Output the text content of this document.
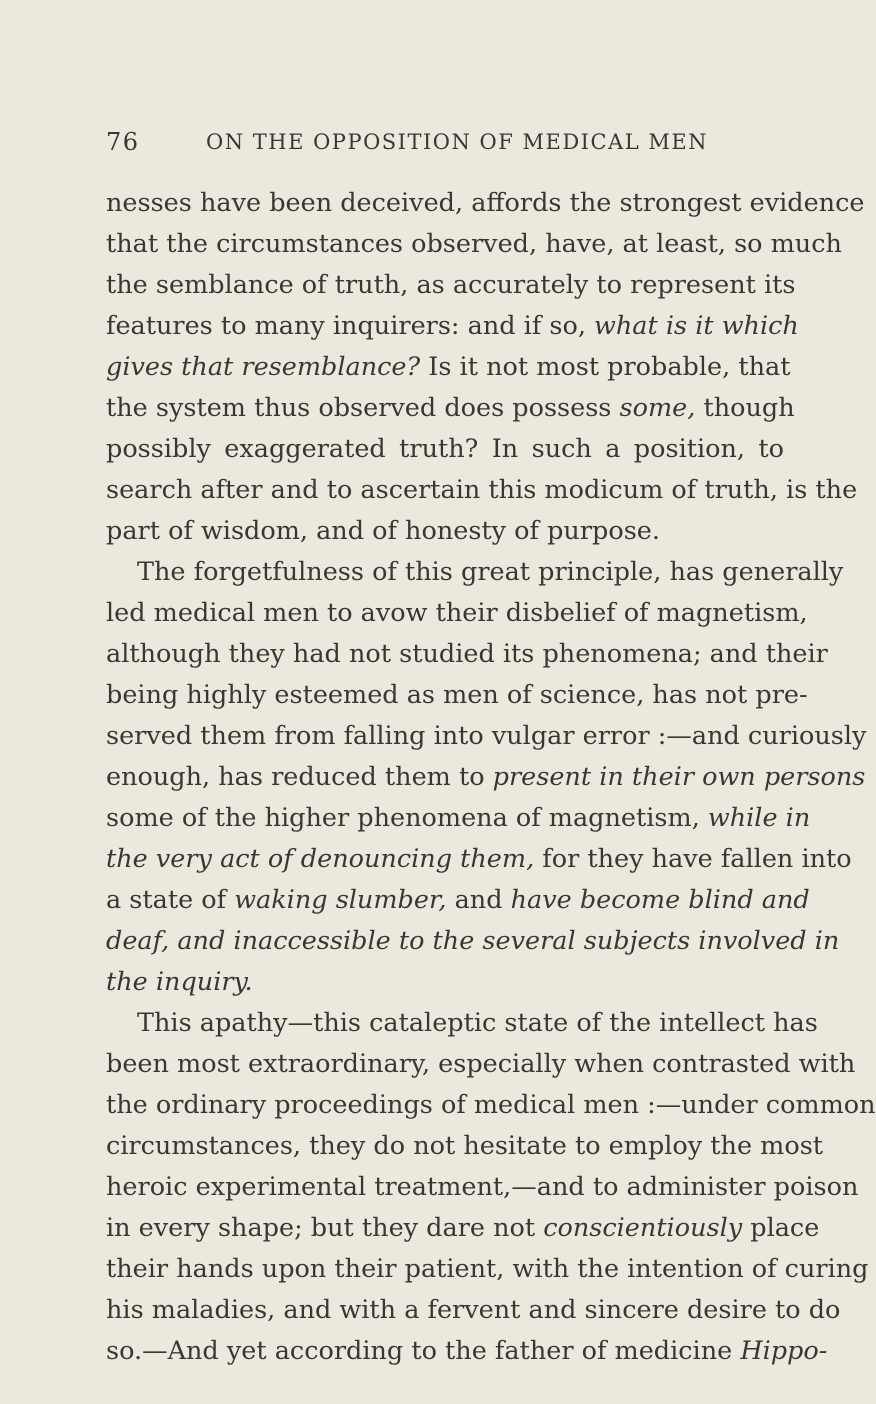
76	ON THE OPPOSITION OF MEDICAL MEN
nesses have been deceived, affords the strongest evidence
that the circumstances observed, have, at least, so much
the semblance of truth, as accurately to represent its
features to many inquirers: and if so, what is it which
gives that resemblance? Is it not most probable, that
the system thus observed does possess some, though
possibly exaggerated truth? In such a position, to
search after and to ascertain this modicum of truth, is the
part of wisdom, and of honesty of purpose.
The forgetfulness of this great principle, has generally
led medical men to avow their disbelief of magnetism,
although they had not studied its phenomena; and their
being highly esteemed as men of science, has not pre-
served them from falling into vulgar error :—and curiously
enough, has reduced them to present in their own persons
some of the higher phenomena of magnetism, while in
the very act of denouncing them, for they have fallen into
a state of waking slumber, and have become blind and
deaf, and inaccessible to the several subjects involved in
the inquiry.
This apathy—this cataleptic state of the intellect has
been most extraordinary, especially when contrasted with
the ordinary proceedings of medical men :—under common
circumstances, they do not hesitate to employ the most
heroic experimental treatment,—and to administer poison
in every shape; but they dare not conscientiously place
their hands upon their patient, with the intention of curing
his maladies, and with a fervent and sincere desire to do
so.—And yet according to the father of medicine Hippo-
